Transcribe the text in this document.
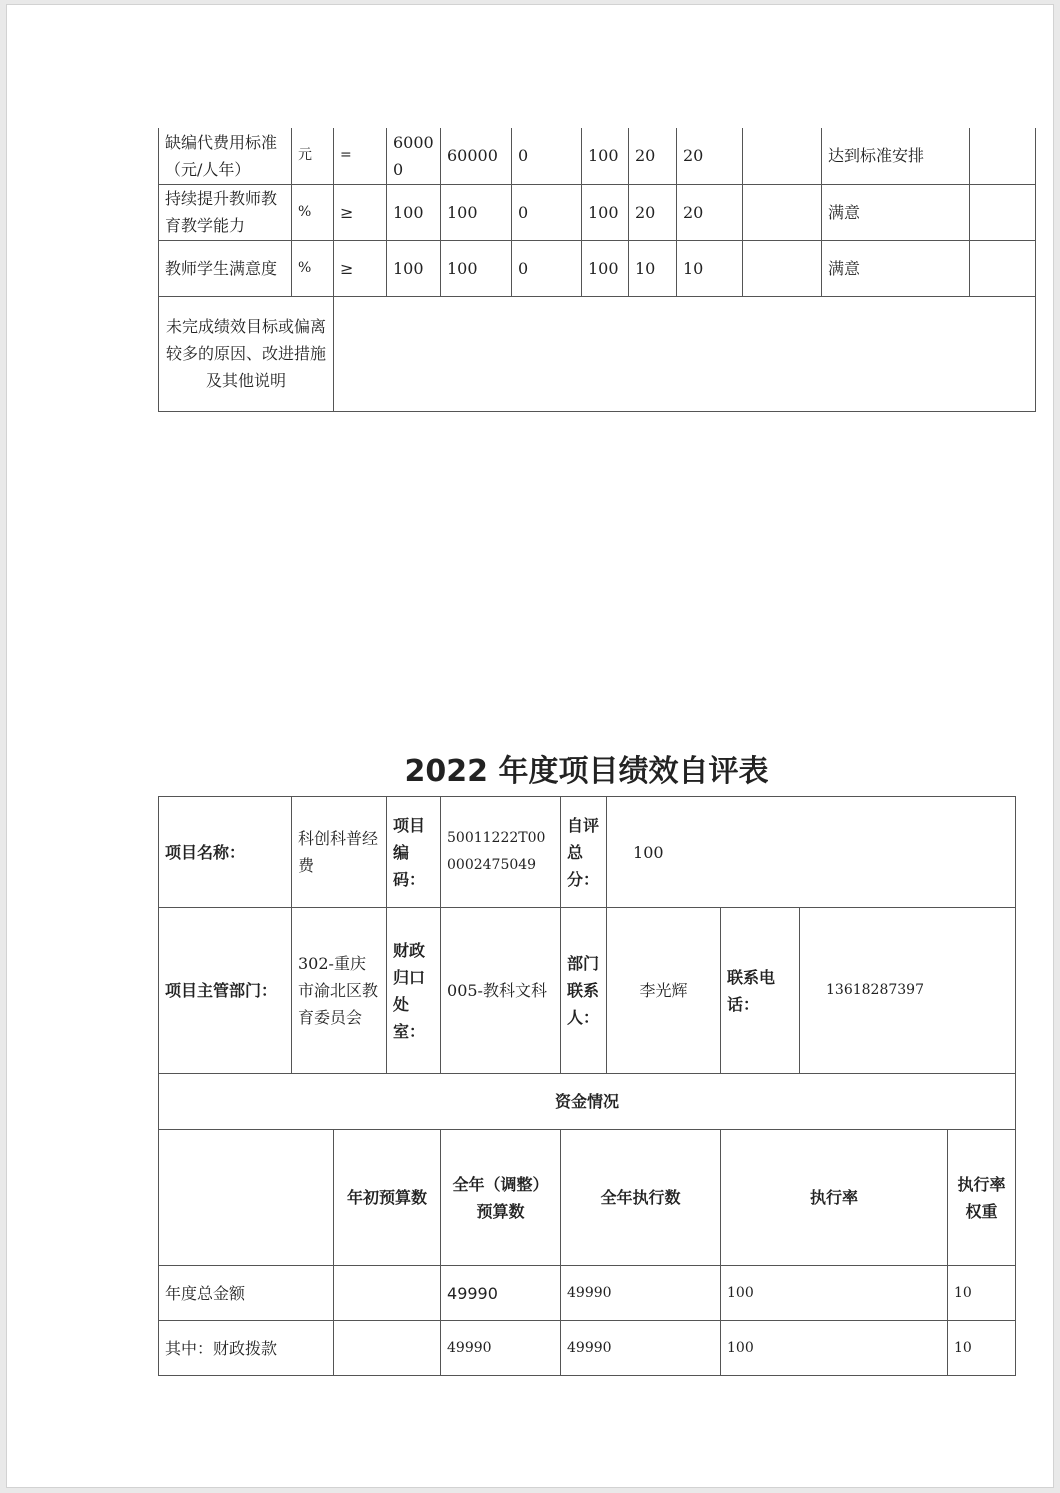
缺编代费用标准（元/人年）	元	=	60000	60000	0	100	20	20		达到标准安排	
持续提升教师教育教学能力	%	≥	100	100	0	100	20	20		满意	
教师学生满意度	%	≥	100	100	0	100	10	10		满意	
未完成绩效目标或偏离较多的原因、改进措施及其他说明											
2022 年度项目绩效自评表
项目名称：	科创科普经费		项目编码：	50011222T000002475049	自评总分：	100				
项目主管部门：	302-重庆市渝北区教育委员会		财政归口处室：	005-教科文科	部门联系人：	李光辉	联系电话：	13618287397		
资金情况										
		年初预算数		全年（调整）预算数	全年执行数		执行率		执行率权重	
年度总金额				49990	49990		100		10	
其中：财政拨款				49990	49990		100		10	
